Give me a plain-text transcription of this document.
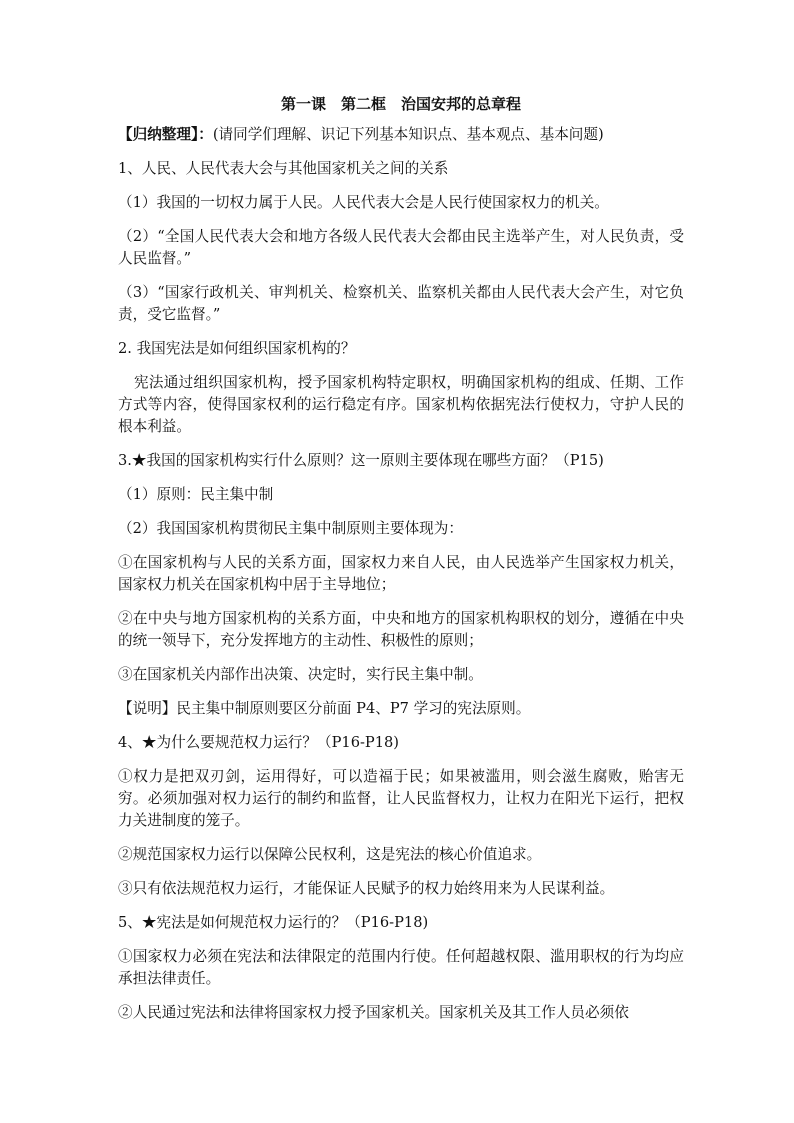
第一课　第二框　治国安邦的总章程

【归纳整理】：(请同学们理解、识记下列基本知识点、基本观点、基本问题)

1、人民、人民代表大会与其他国家机关之间的关系

（1）我国的一切权力属于人民。人民代表大会是人民行使国家权力的机关。

（2）“全国人民代表大会和地方各级人民代表大会都由民主选举产生，对人民负责，受人民监督。”

（3）“国家行政机关、审判机关、检察机关、监察机关都由人民代表大会产生，对它负责，受它监督。”

2. 我国宪法是如何组织国家机构的？

宪法通过组织国家机构，授予国家机构特定职权，明确国家机构的组成、任期、工作方式等内容，使得国家权利的运行稳定有序。国家机构依据宪法行使权力，守护人民的根本利益。

3.★我国的国家机构实行什么原则？这一原则主要体现在哪些方面？（P15)

（1）原则：民主集中制

（2）我国国家机构贯彻民主集中制原则主要体现为：

①在国家机构与人民的关系方面，国家权力来自人民，由人民选举产生国家权力机关，国家权力机关在国家机构中居于主导地位；

②在中央与地方国家机构的关系方面，中央和地方的国家机构职权的划分，遵循在中央的统一领导下，充分发挥地方的主动性、积极性的原则；

③在国家机关内部作出决策、决定时，实行民主集中制。

【说明】民主集中制原则要区分前面 P4、P7 学习的宪法原则。

4、★为什么要规范权力运行？（P16-P18)

①权力是把双刃剑，运用得好，可以造福于民；如果被滥用，则会滋生腐败，贻害无穷。必须加强对权力运行的制约和监督，让人民监督权力，让权力在阳光下运行，把权力关进制度的笼子。

②规范国家权力运行以保障公民权利，这是宪法的核心价值追求。

③只有依法规范权力运行，才能保证人民赋予的权力始终用来为人民谋利益。

5、★宪法是如何规范权力运行的？（P16-P18)

①国家权力必须在宪法和法律限定的范围内行使。任何超越权限、滥用职权的行为均应承担法律责任。

②人民通过宪法和法律将国家权力授予国家机关。国家机关及其工作人员必须依
